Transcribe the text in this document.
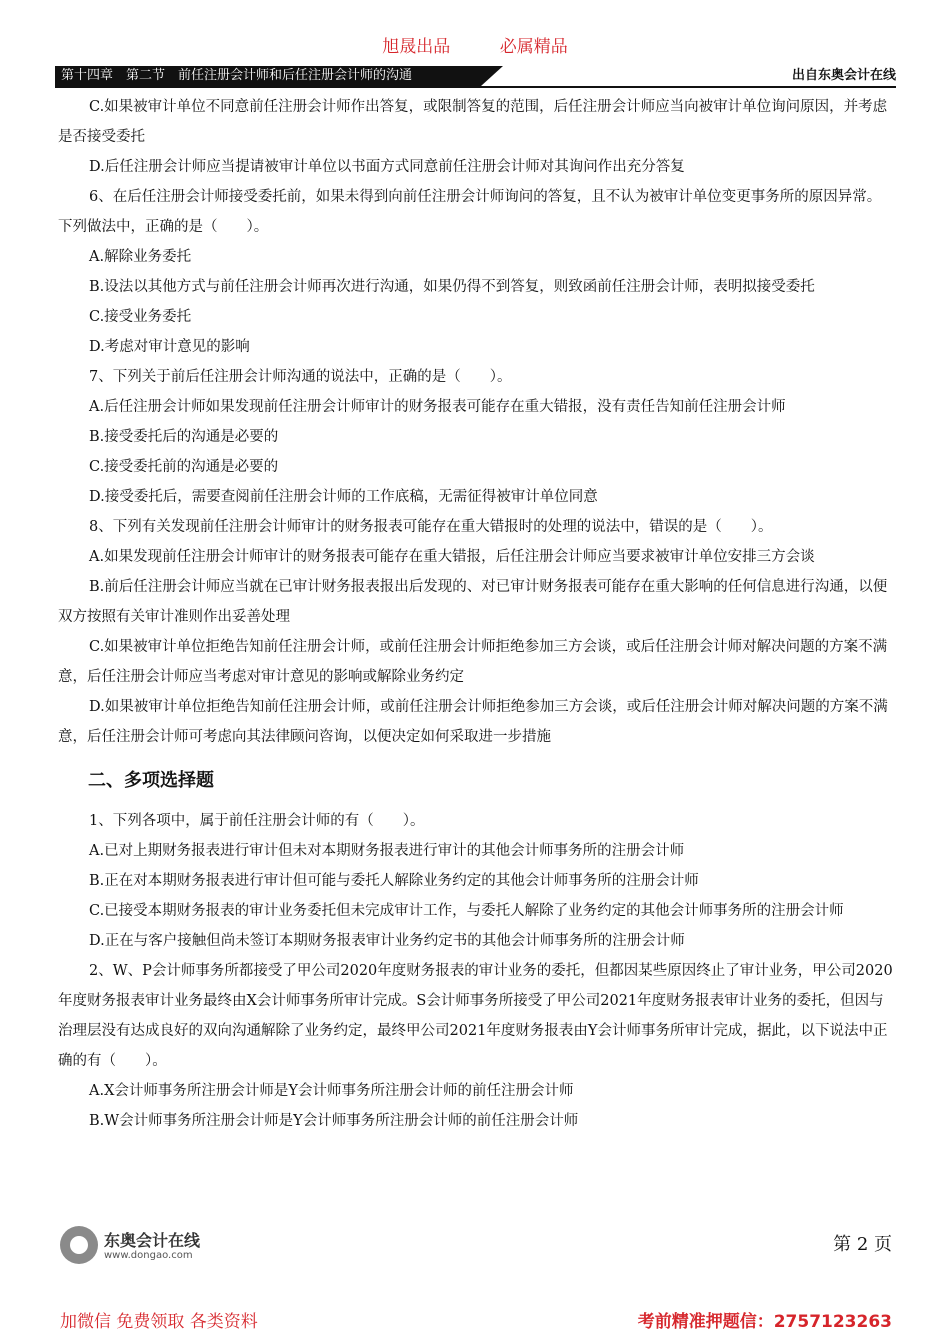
旭晟出品	必属精品
第十四章　第二节　前任注册会计师和后任注册会计师的沟通	出自东奥会计在线

C.如果被审计单位不同意前任注册会计师作出答复，或限制答复的范围，后任注册会计师应当向被审计单位询问原因，并考虑是否接受委托

D.后任注册会计师应当提请被审计单位以书面方式同意前任注册会计师对其询问作出充分答复

6、在后任注册会计师接受委托前，如果未得到向前任注册会计师询问的答复，且不认为被审计单位变更事务所的原因异常。下列做法中，正确的是（　　）。

A.解除业务委托

B.设法以其他方式与前任注册会计师再次进行沟通，如果仍得不到答复，则致函前任注册会计师，表明拟接受委托

C.接受业务委托

D.考虑对审计意见的影响

7、下列关于前后任注册会计师沟通的说法中，正确的是（　　）。

A.后任注册会计师如果发现前任注册会计师审计的财务报表可能存在重大错报，没有责任告知前任注册会计师

B.接受委托后的沟通是必要的

C.接受委托前的沟通是必要的

D.接受委托后，需要查阅前任注册会计师的工作底稿，无需征得被审计单位同意

8、下列有关发现前任注册会计师审计的财务报表可能存在重大错报时的处理的说法中，错误的是（　　）。

A.如果发现前任注册会计师审计的财务报表可能存在重大错报，后任注册会计师应当要求被审计单位安排三方会谈

B.前后任注册会计师应当就在已审计财务报表报出后发现的、对已审计财务报表可能存在重大影响的任何信息进行沟通，以便双方按照有关审计准则作出妥善处理

C.如果被审计单位拒绝告知前任注册会计师，或前任注册会计师拒绝参加三方会谈，或后任注册会计师对解决问题的方案不满意，后任注册会计师应当考虑对审计意见的影响或解除业务约定

D.如果被审计单位拒绝告知前任注册会计师，或前任注册会计师拒绝参加三方会谈，或后任注册会计师对解决问题的方案不满意，后任注册会计师可考虑向其法律顾问咨询，以便决定如何采取进一步措施

二、多项选择题

1、下列各项中，属于前任注册会计师的有（　　）。

A.已对上期财务报表进行审计但未对本期财务报表进行审计的其他会计师事务所的注册会计师

B.正在对本期财务报表进行审计但可能与委托人解除业务约定的其他会计师事务所的注册会计师

C.已接受本期财务报表的审计业务委托但未完成审计工作，与委托人解除了业务约定的其他会计师事务所的注册会计师

D.正在与客户接触但尚未签订本期财务报表审计业务约定书的其他会计师事务所的注册会计师

2、W、P会计师事务所都接受了甲公司2020年度财务报表的审计业务的委托，但都因某些原因终止了审计业务，甲公司2020年度财务报表审计业务最终由X会计师事务所审计完成。S会计师事务所接受了甲公司2021年度财务报表审计业务的委托，但因与治理层没有达成良好的双向沟通解除了业务约定，最终甲公司2021年度财务报表由Y会计师事务所审计完成，据此，以下说法中正确的有（　　）。

A.X会计师事务所注册会计师是Y会计师事务所注册会计师的前任注册会计师

B.W会计师事务所注册会计师是Y会计师事务所注册会计师的前任注册会计师

东奥会计在线
www.dongao.com
第 2 页
加微信 免费领取 各类资料	考前精准押题信：2757123263
